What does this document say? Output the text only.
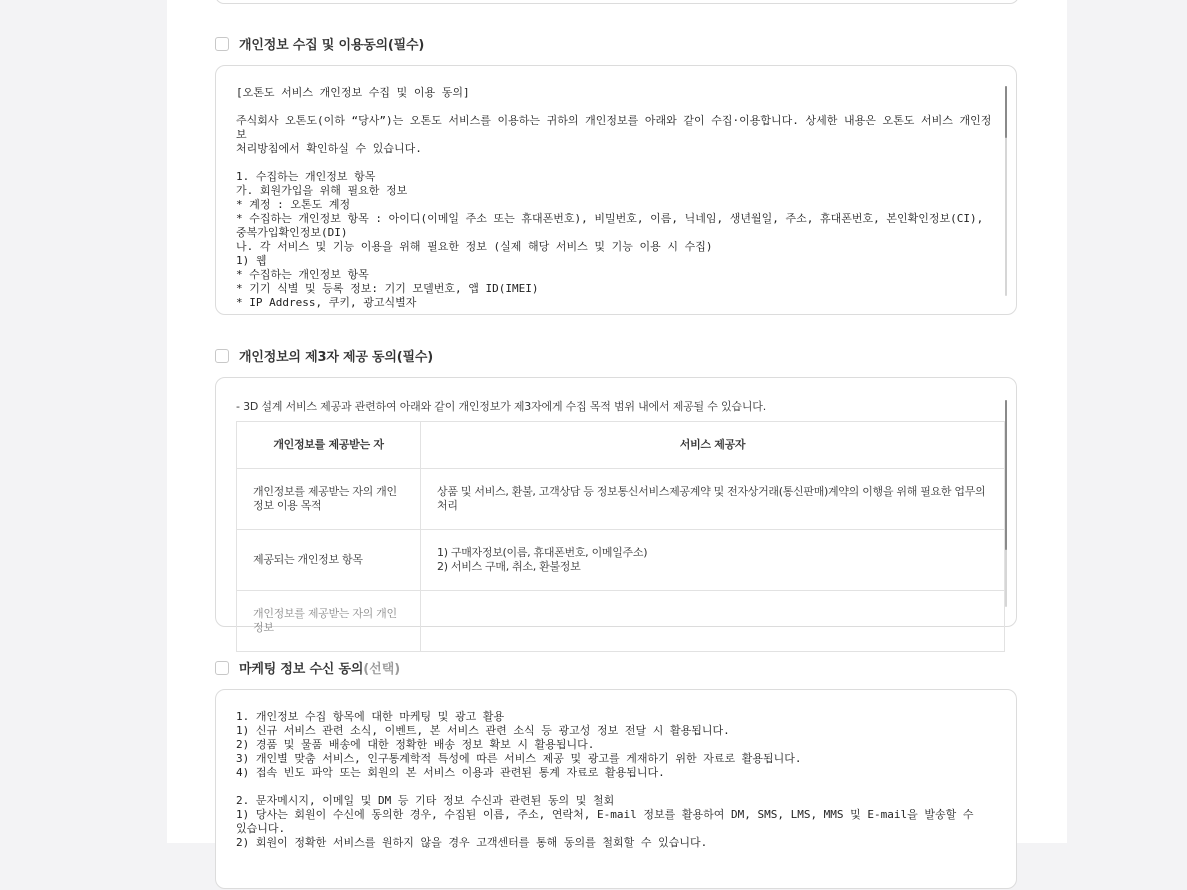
개인정보 수집 및 이용동의(필수)
[오톤도 서비스 개인정보 수집 및 이용 동의]

주식회사 오톤도(이하 “당사”)는 오톤도 서비스를 이용하는 귀하의 개인정보를 아래와 같이 수집·이용합니다. 상세한 내용은 오톤도 서비스 개인정보
처리방침에서 확인하실 수 있습니다.

1. 수집하는 개인정보 항목
가. 회원가입을 위해 필요한 정보
* 계정 : 오톤도 계정
* 수집하는 개인정보 항목 : 아이디(이메일 주소 또는 휴대폰번호), 비밀번호, 이름, 닉네임, 생년월일, 주소, 휴대폰번호, 본인확인정보(CI),
중복가입확인정보(DI)
나. 각 서비스 및 기능 이용을 위해 필요한 정보 (실제 해당 서비스 및 기능 이용 시 수집)
1) 웹
* 수집하는 개인정보 항목
* 기기 식별 및 등록 정보: 기기 모델번호, 앱 ID(IMEI)
* IP Address, 쿠키, 광고식별자
개인정보의 제3자 제공 동의(필수)
- 3D 설계 서비스 제공과 관련하여 아래와 같이 개인정보가 제3자에게 수집 목적 범위 내에서 제공될 수 있습니다.
개인정보를 제공받는 자	서비스 제공자
개인정보를 제공받는 자의 개인정보 이용 목적	상품 및 서비스, 환불, 고객상담 등 정보통신서비스제공계약 및 전자상거래(통신판매)계약의 이행을 위해 필요한 업무의 처리
제공되는 개인정보 항목	1) 구매자정보(이름, 휴대폰번호, 이메일주소)
2) 서비스 구매, 취소, 환불정보
개인정보를 제공받는 자의 개인정보	
마케팅 정보 수신 동의 (선택)
1. 개인정보 수집 항목에 대한 마케팅 및 광고 활용
1) 신규 서비스 관련 소식, 이벤트, 본 서비스 관련 소식 등 광고성 정보 전달 시 활용됩니다.
2) 경품 및 물품 배송에 대한 정확한 배송 정보 확보 시 활용됩니다.
3) 개인별 맞춤 서비스, 인구통계학적 특성에 따른 서비스 제공 및 광고를 게재하기 위한 자료로 활용됩니다.
4) 접속 빈도 파악 또는 회원의 본 서비스 이용과 관련된 통계 자료로 활용됩니다.

2. 문자메시지, 이메일 및 DM 등 기타 정보 수신과 관련된 동의 및 철회
1) 당사는 회원이 수신에 동의한 경우, 수집된 이름, 주소, 연락처, E-mail 정보를 활용하여 DM, SMS, LMS, MMS 및 E-mail을 발송할 수
있습니다.
2) 회원이 정확한 서비스를 원하지 않을 경우 고객센터를 통해 동의를 철회할 수 있습니다.
